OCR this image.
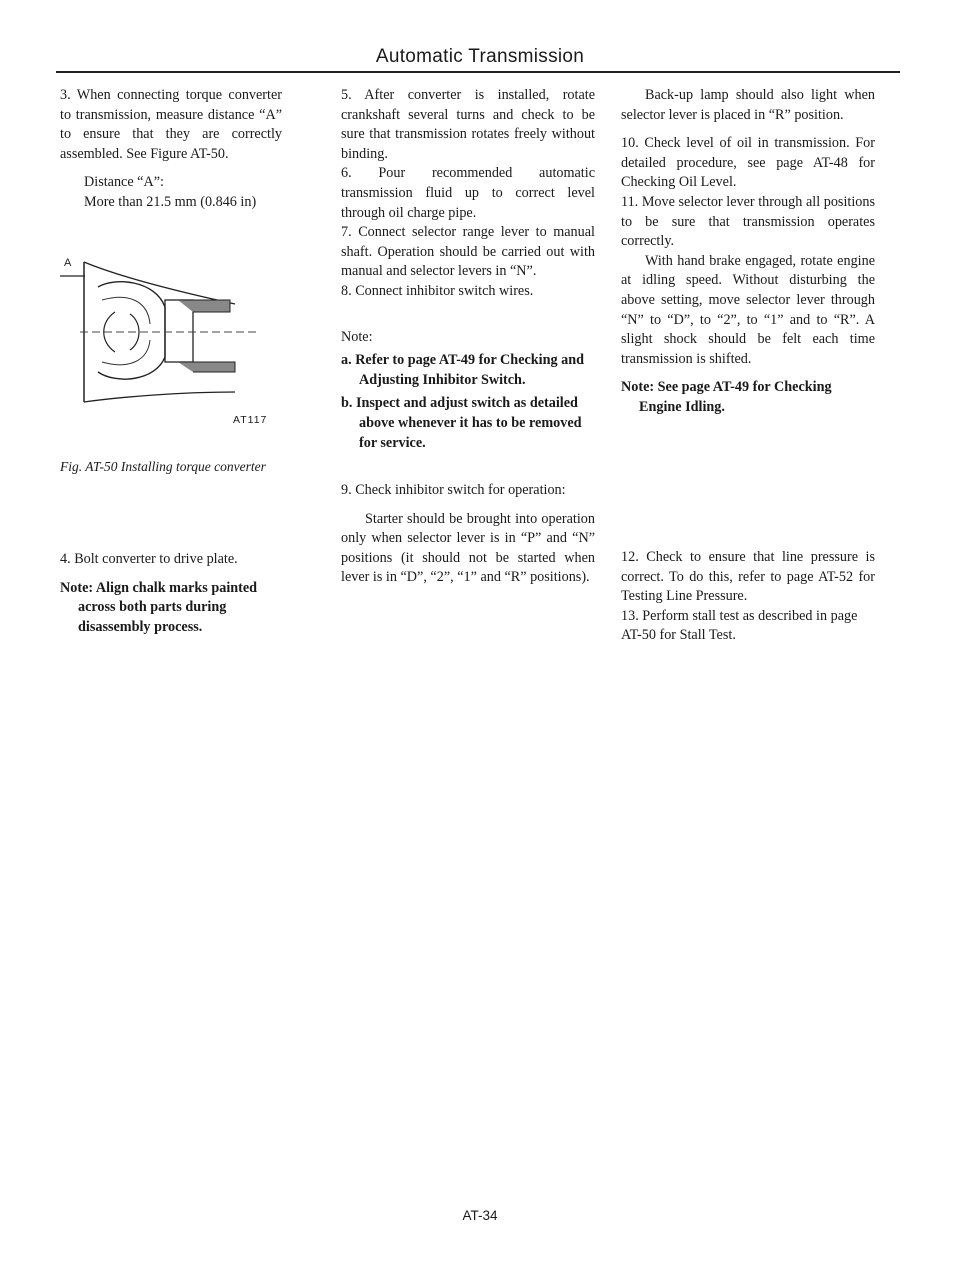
Automatic Transmission

3. When connecting torque converter to transmission, measure distance “A” to ensure that they are correctly assembled. See Figure AT-50.

Distance “A”:

More than 21.5 mm (0.846 in)

A
AT117
Fig. AT-50 Installing torque converter

4. Bolt converter to drive plate.

Note: Align chalk marks painted across both parts during disassembly process.

5. After converter is installed, rotate crankshaft several turns and check to be sure that transmission rotates freely without binding.

6. Pour recommended automatic transmission fluid up to correct level through oil charge pipe.

7. Connect selector range lever to manual shaft. Operation should be carried out with manual and selector levers in “N”.

8. Connect inhibitor switch wires.

Note:

a. Refer to page AT-49 for Checking and Adjusting Inhibitor Switch.

b. Inspect and adjust switch as detailed above whenever it has to be removed for service.

9. Check inhibitor switch for operation:

Starter should be brought into operation only when selector lever is in “P” and “N” positions (it should not be started when lever is in “D”, “2”, “1” and “R” positions).

Back-up lamp should also light when selector lever is placed in “R” position.

10. Check level of oil in transmission. For detailed procedure, see page AT-48 for Checking Oil Level.

11. Move selector lever through all positions to be sure that transmission operates correctly.

With hand brake engaged, rotate engine at idling speed. Without disturbing the above setting, move selector lever through “N” to “D”, to “2”, to “1” and to “R”. A slight shock should be felt each time transmission is shifted.

Note: See page AT-49 for Checking Engine Idling.

12. Check to ensure that line pressure is correct. To do this, refer to page AT-52 for Testing Line Pressure.

13. Perform stall test as described in page AT-50 for Stall Test.

AT-34
